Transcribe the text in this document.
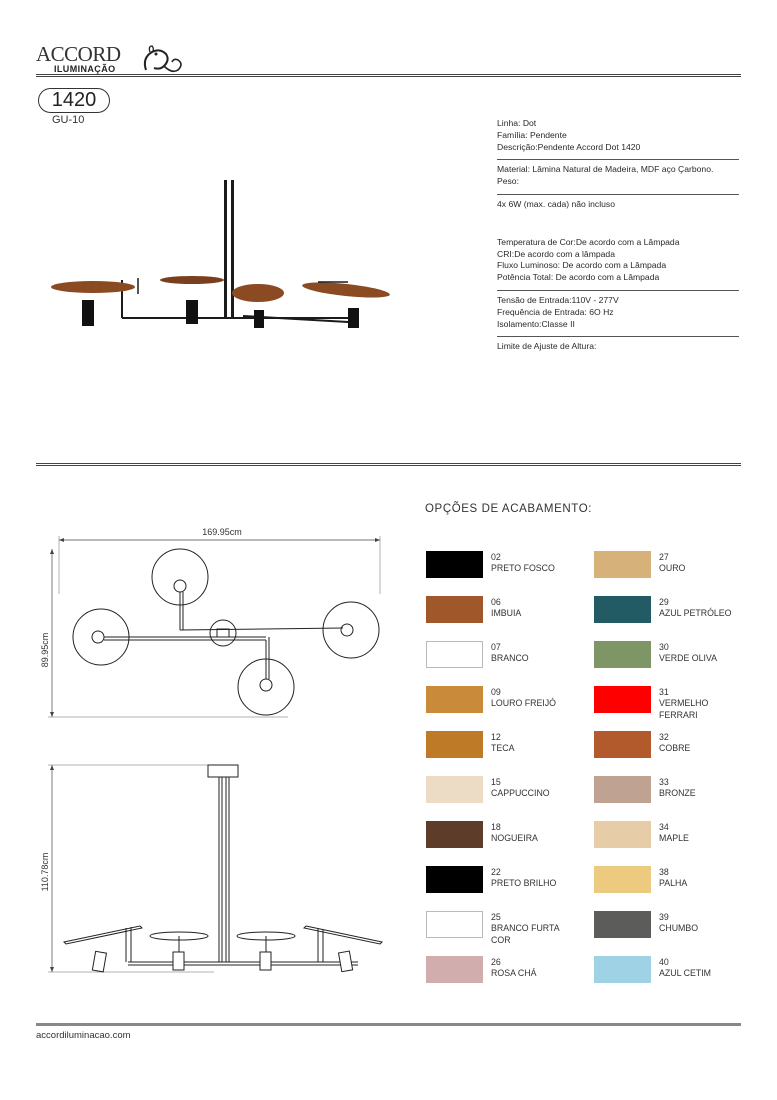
ACCORD
ILUMINAÇÃO
1420
GU-10	Linha: Dot
Família: Pendente
Descrição:Pendente Accord Dot 1420
Material: Lâmina Natural de Madeira, MDF aço Çarbono.
Peso:
4x 6W (max. cada) não incluso
Temperatura de Cor:De acordo com a Lâmpada
CRI:De acordo com a lâmpada
Fluxo Luminoso: De acordo com a Lâmpada
Potência Total: De acordo com a Lâmpada
Tensão de Entrada:110V - 277V
Frequência de Entrada: 6O Hz
Isolamento:Classe II
Limite de Ajuste de Altura:
169.95cm
89.95cm
110.78cm
OPÇÕES DE ACABAMENTO:
02
PRETO FOSCO
06
IMBUIA
07
BRANCO
09
LOURO FREIJÓ
12
TECA
15
CAPPUCCINO
18
NOGUEIRA
22
PRETO BRILHO
25
BRANCO FURTA COR
26
ROSA CHÁ
27
OURO
29
AZUL PETRÓLEO
30
VERDE OLIVA
31
VERMELHO FERRARI
32
COBRE
33
BRONZE
34
MAPLE
38
PALHA
39
CHUMBO
40
AZUL CETIM
accordiluminacao.com
